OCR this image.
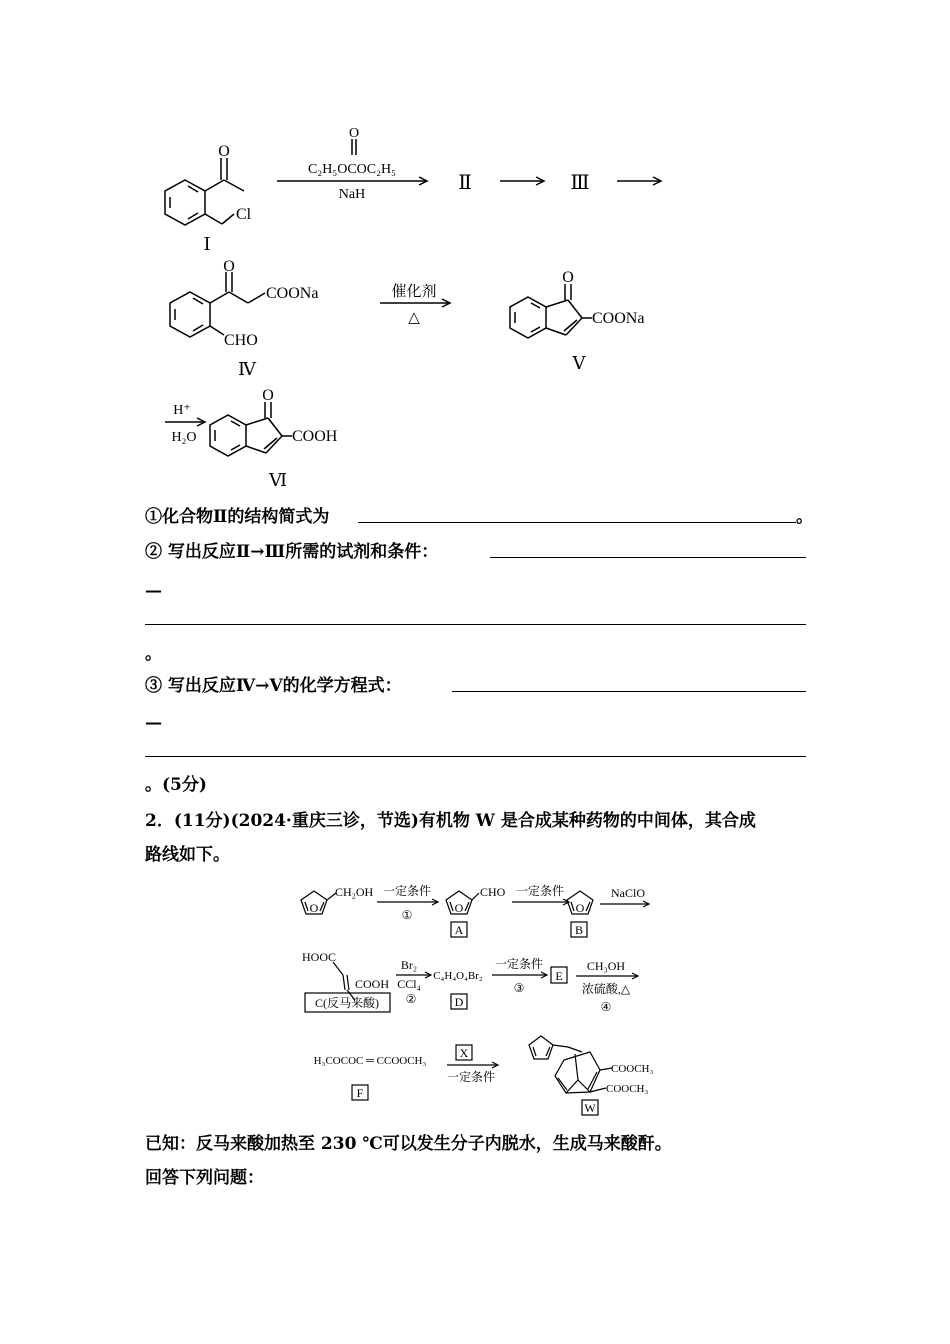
O
Cl
Ⅰ
O
C₂H₅OCOC₂H₅
NaH
Ⅱ	Ⅲ
O
COONa
CHO
Ⅳ
催化剂
△
O
COONa
Ⅴ
H⁺
H₂O
O
COOH
Ⅵ
①化合物Ⅱ的结构简式为	。
② 写出反应Ⅱ→Ⅲ所需的试剂和条件：
—
。
③ 写出反应Ⅳ→Ⅴ的化学方程式：
—
。(5分)
2．(11分)(2024·重庆三诊，节选)有机物 W 是合成某种药物的中间体，其合成
路线如下。
O
CH₂OH 一定条件
①	O
CHO
A
一定条件
O
B
NaClO
HOOC
COOH
C(反马来酸)
Br₂
CCl₄
②
C₄H₄O₄Br₂
D
一定条件
③
E
CH₃OH
浓硫酸,△
④
H₃COCOC ═ CCOOCH₃
F
X
一定条件
COOCH₃
COOCH₃
W
已知：反马来酸加热至 230 ℃可以发生分子内脱水，生成马来酸酐。
回答下列问题：
